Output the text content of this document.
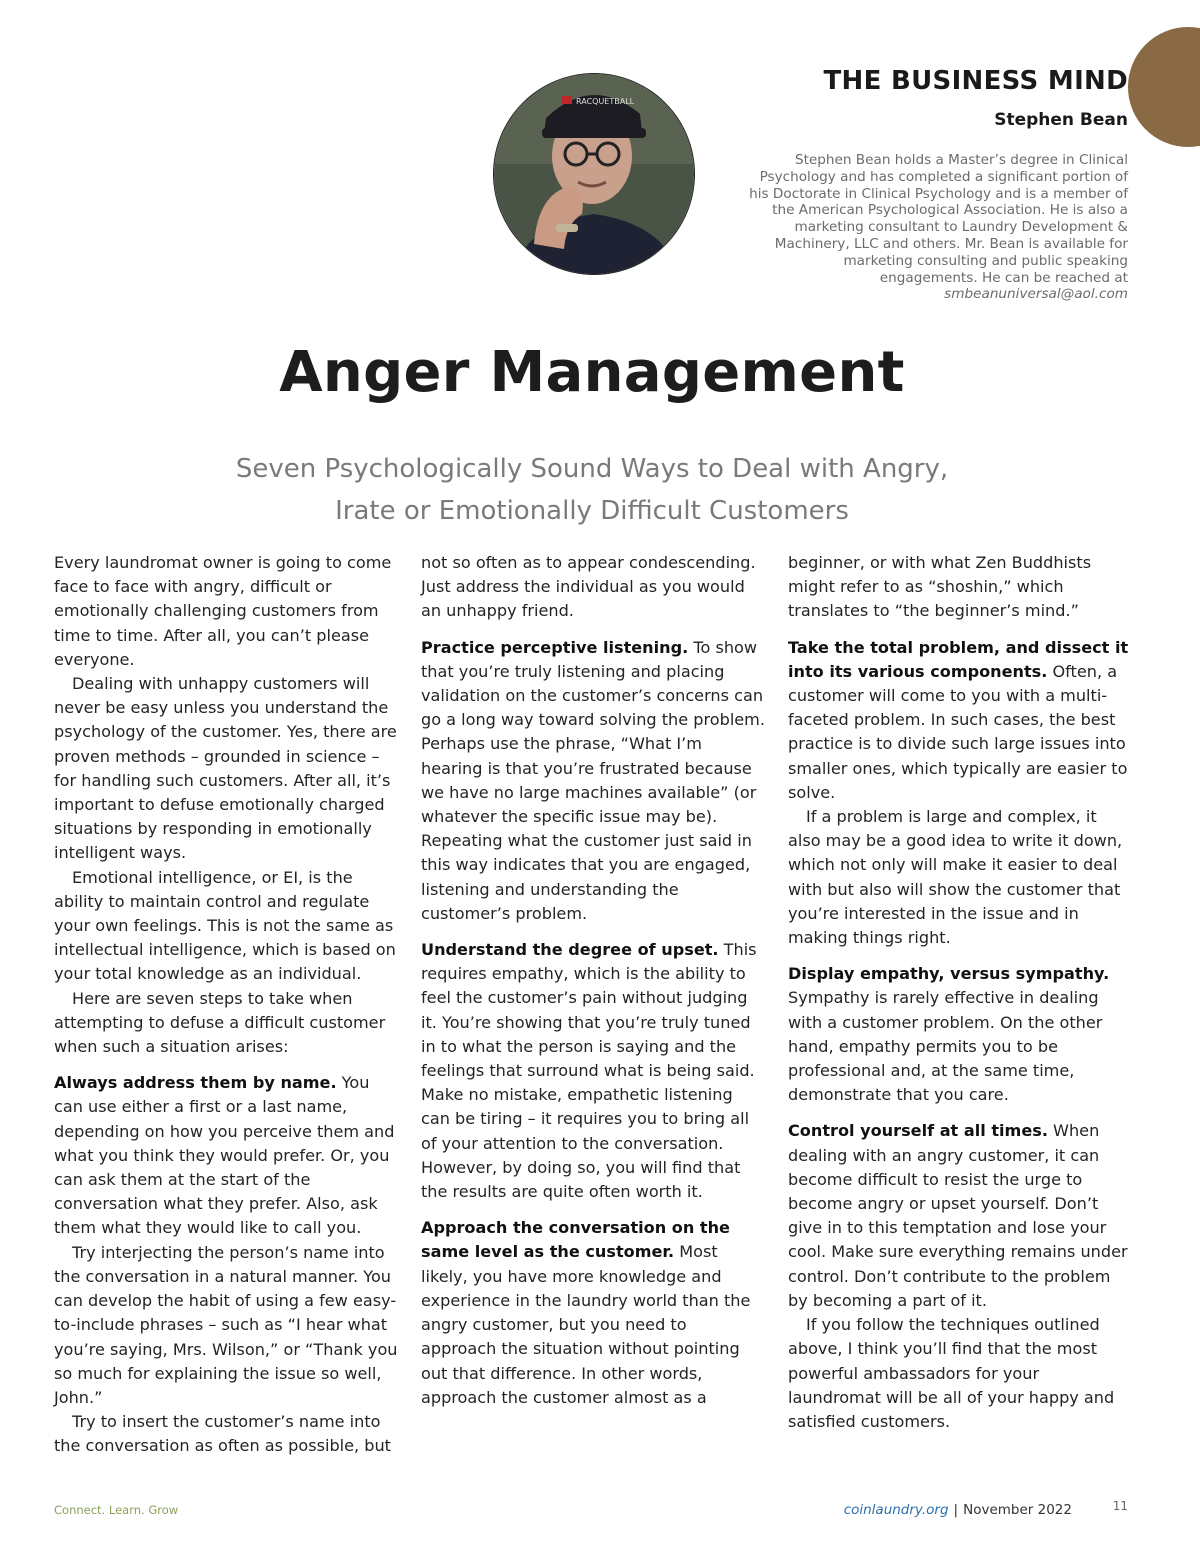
RACQUETBALL
THE BUSINESS MIND
Stephen Bean
Stephen Bean holds a Master’s degree in Clinical Psychology and has completed a significant portion of his Doctorate in Clinical Psychology and is a member of the American Psychological Association. He is also a marketing consultant to Laundry Development & Machinery, LLC and others. Mr. Bean is available for marketing consulting and public speaking engagements. He can be reached at
smbeanuniversal@aol.com
Anger Management
Seven Psychologically Sound Ways to Deal with Angry,
Irate or Emotionally Difficult Customers

Every laundromat owner is going to come face to face with angry, difficult or emotionally challenging customers from time to time. After all, you can’t please everyone.

Dealing with unhappy customers will never be easy unless you understand the psychology of the customer. Yes, there are proven methods – grounded in science – for handling such customers. After all, it’s important to defuse emotionally charged situations by responding in emotionally intelligent ways.

Emotional intelligence, or EI, is the ability to maintain control and regulate your own feelings. This is not the same as intellectual intelligence, which is based on your total knowledge as an individual.

Here are seven steps to take when attempting to defuse a difficult customer when such a situation arises:

Always address them by name. You can use either a first or a last name, depending on how you perceive them and what you think they would prefer. Or, you can ask them at the start of the conversation what they prefer. Also, ask them what they would like to call you.

Try interjecting the person’s name into the conversation in a natural manner. You can develop the habit of using a few easy-to-include phrases – such as “I hear what you’re saying, Mrs. Wilson,” or “Thank you so much for explaining the issue so well, John.”

Try to insert the customer’s name into the conversation as often as possible, but

not so often as to appear condescending. Just address the individual as you would an unhappy friend.

Practice perceptive listening. To show that you’re truly listening and placing validation on the customer’s concerns can go a long way toward solving the problem. Perhaps use the phrase, “What I’m hearing is that you’re frustrated because we have no large machines available” (or whatever the specific issue may be). Repeating what the customer just said in this way indicates that you are engaged, listening and understanding the customer’s problem.

Understand the degree of upset. This requires empathy, which is the ability to feel the customer’s pain without judging it. You’re showing that you’re truly tuned in to what the person is saying and the feelings that surround what is being said. Make no mistake, empathetic listening can be tiring – it requires you to bring all of your attention to the conversation. However, by doing so, you will find that the results are quite often worth it.

Approach the conversation on the same level as the customer. Most likely, you have more knowledge and experience in the laundry world than the angry customer, but you need to approach the situation without pointing out that difference. In other words, approach the customer almost as a

beginner, or with what Zen Buddhists might refer to as “shoshin,” which translates to “the beginner’s mind.”

Take the total problem, and dissect it into its various components. Often, a customer will come to you with a multi-faceted problem. In such cases, the best practice is to divide such large issues into smaller ones, which typically are easier to solve.

If a problem is large and complex, it also may be a good idea to write it down, which not only will make it easier to deal with but also will show the customer that you’re interested in the issue and in making things right.

Display empathy, versus sympathy. Sympathy is rarely effective in dealing with a customer problem. On the other hand, empathy permits you to be professional and, at the same time, demonstrate that you care.

Control yourself at all times. When dealing with an angry customer, it can become difficult to resist the urge to become angry or upset yourself. Don’t give in to this temptation and lose your cool. Make sure everything remains under control. Don’t contribute to the problem by becoming a part of it.

If you follow the techniques outlined above, I think you’ll find that the most powerful ambassadors for your laundromat will be all of your happy and satisfied customers.

Connect. Learn. Grow	coinlaundry.org | November 2022	11
